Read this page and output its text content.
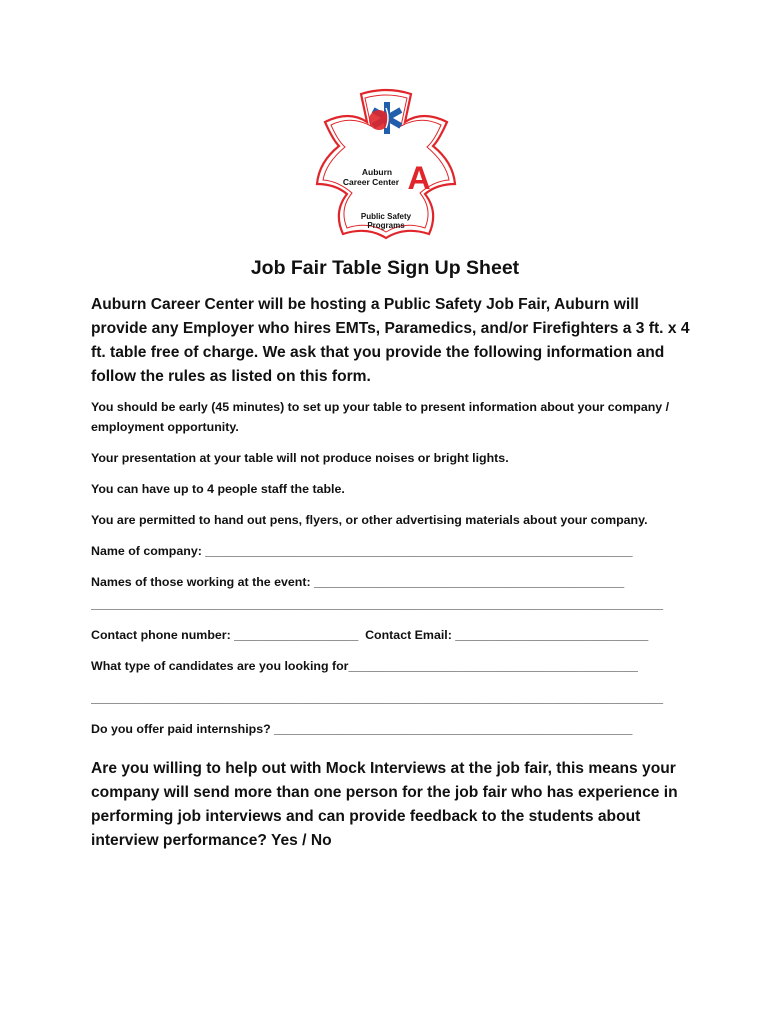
Auburn
Career Center A
Public Safety
Programs
Job Fair Table Sign Up Sheet

Auburn Career Center will be hosting a Public Safety Job Fair, Auburn will provide any Employer who hires EMTs, Paramedics, and/or Firefighters a 3 ft. x 4 ft. table free of charge. We ask that you provide the following information and follow the rules as listed on this form.

You should be early (45 minutes) to set up your table to present information about your company / employment opportunity.

Your presentation at your table will not produce noises or bright lights.

You can have up to 4 people staff the table.

You are permitted to hand out pens, flyers, or other advertising materials about your company.

Name of company: ______________________________________________________________

Names of those working at the event: _____________________________________________

___________________________________________________________________________________

Contact phone number: __________________  Contact Email: ____________________________

What type of candidates are you looking for__________________________________________

___________________________________________________________________________________

Do you offer paid internships? ____________________________________________________

Are you willing to help out with Mock Interviews at the job fair, this means your company will send more than one person for the job fair who has experience in performing job interviews and can provide feedback to the students about interview performance? Yes / No
